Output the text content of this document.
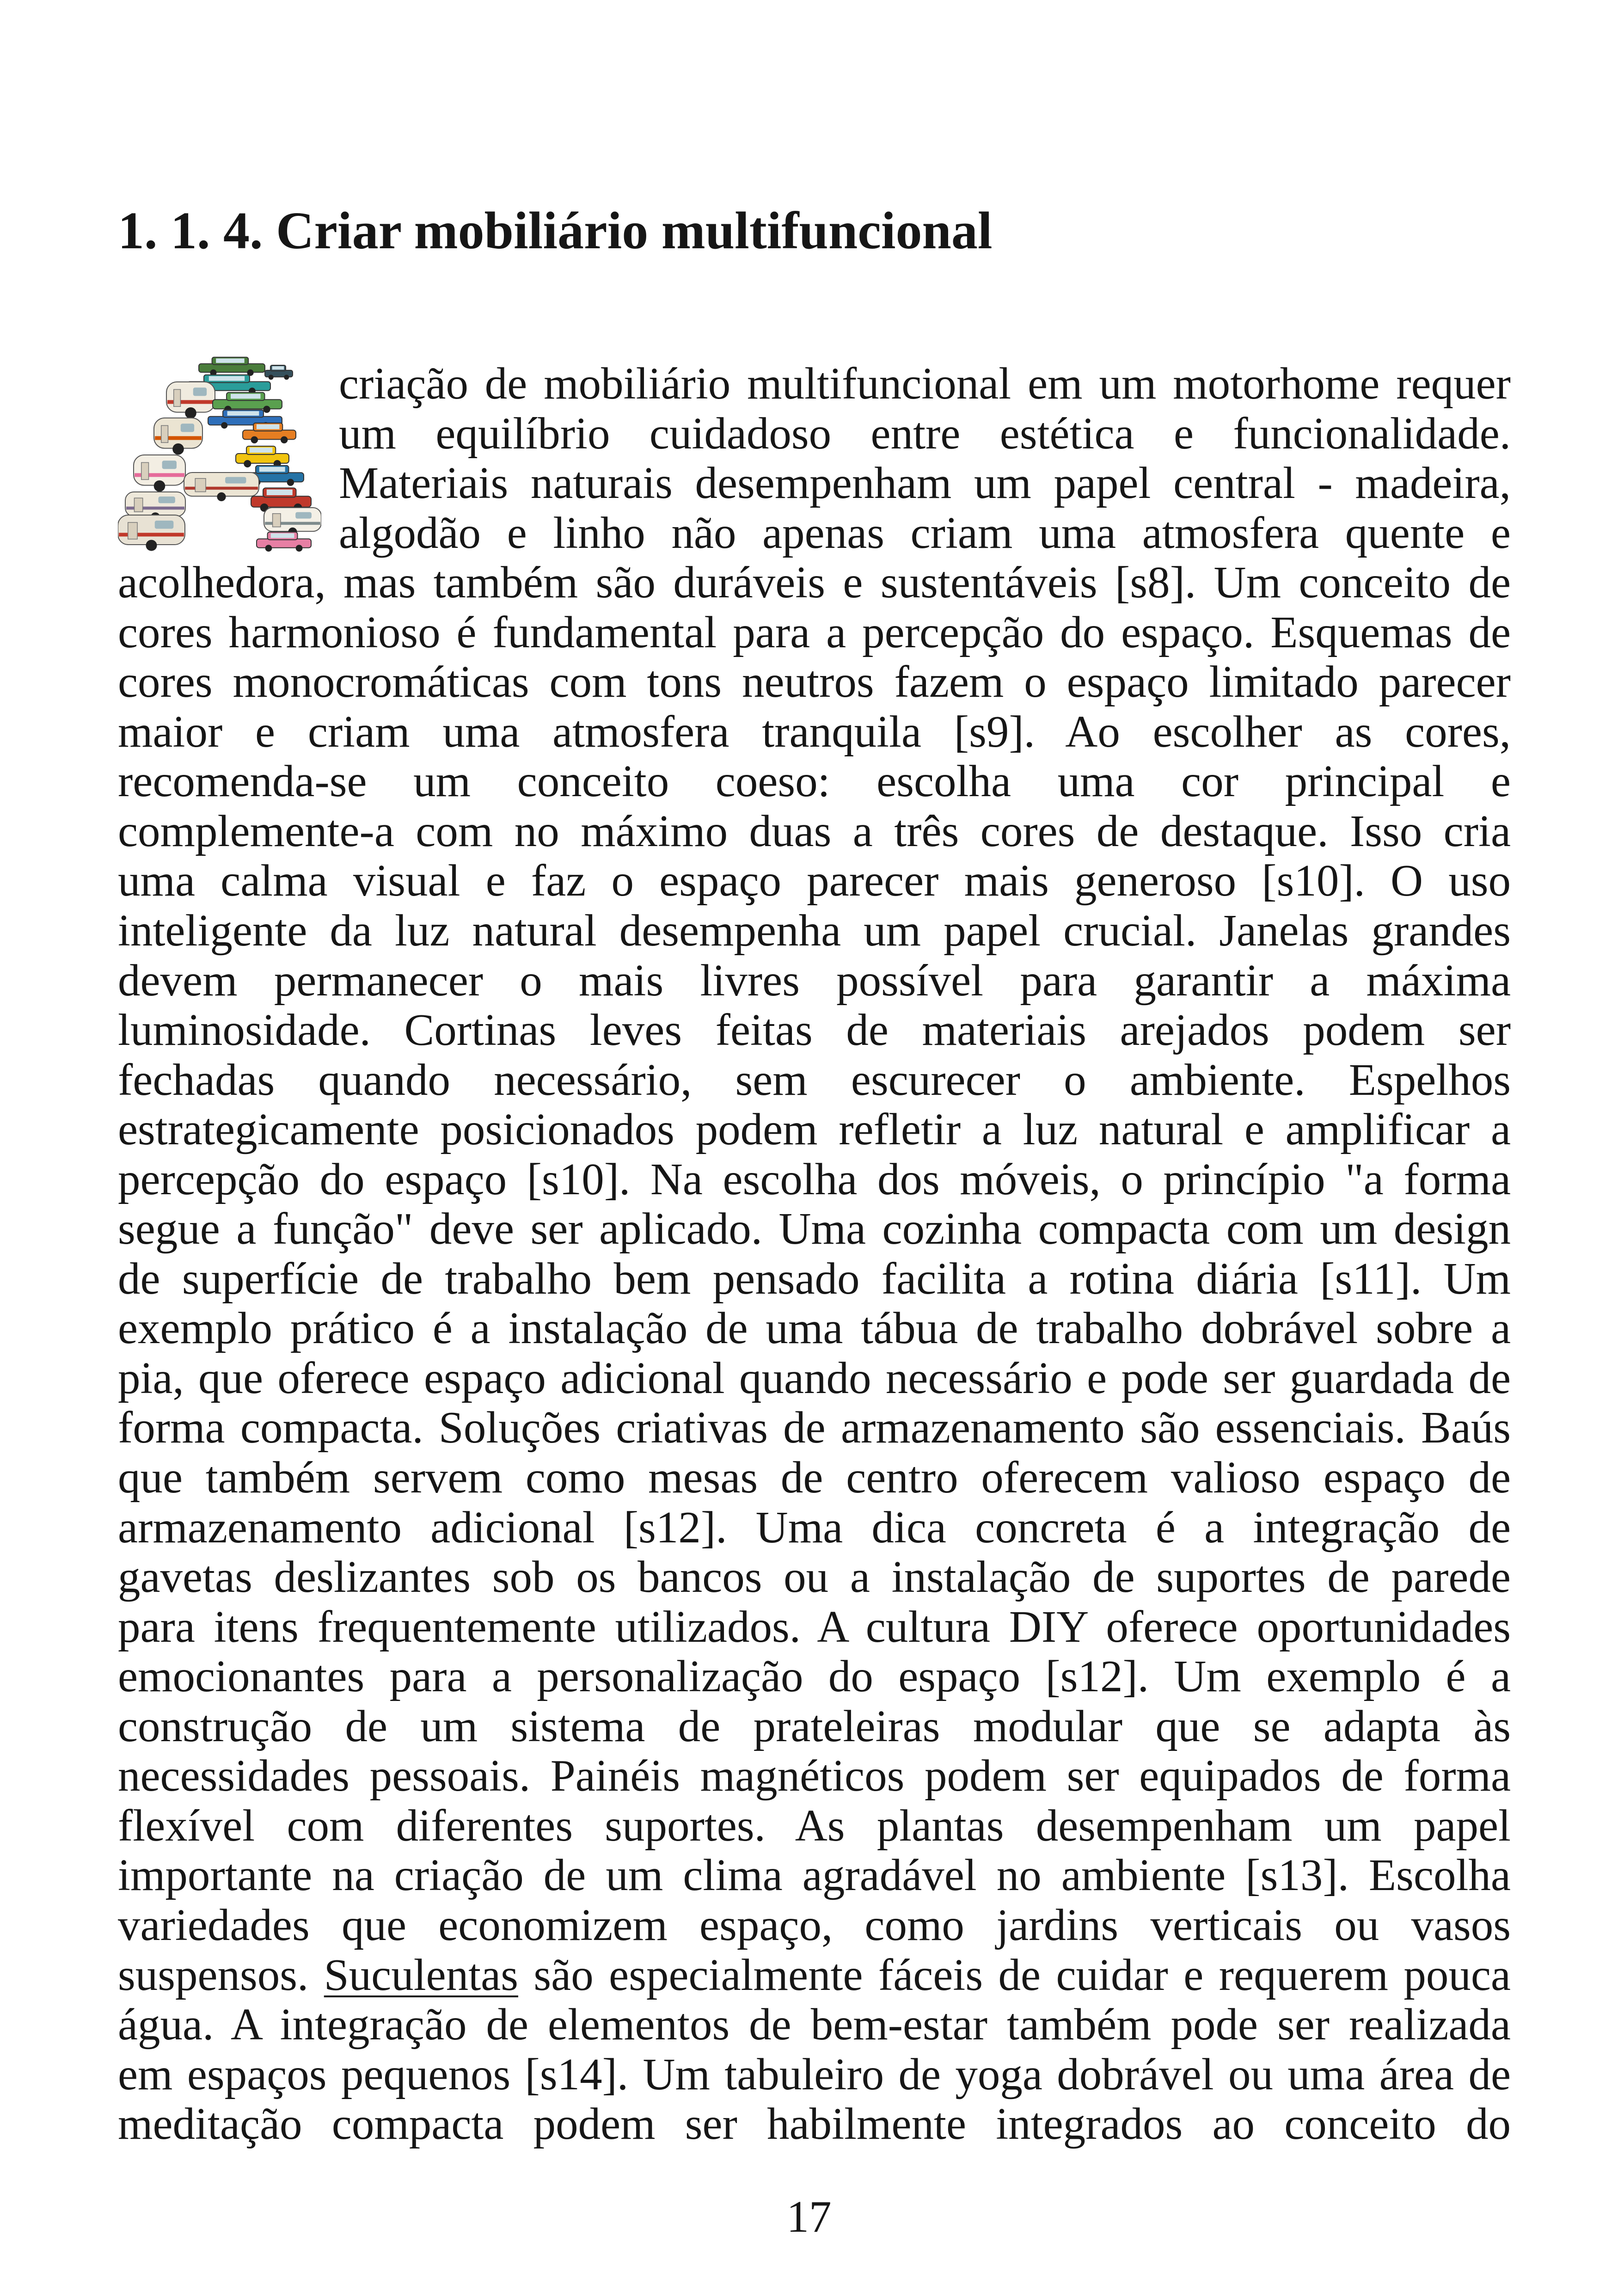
1. 1. 4. Criar mobiliário multifuncional
criação de mobiliário multifuncional em um motorhome requer
um equilíbrio cuidadoso entre estética e funcionalidade.
Materiais naturais desempenham um papel central - madeira,
algodão e linho não apenas criam uma atmosfera quente e
acolhedora, mas também são duráveis e sustentáveis [s8]. Um conceito de
cores harmonioso é fundamental para a percepção do espaço. Esquemas de
cores monocromáticas com tons neutros fazem o espaço limitado parecer
maior e criam uma atmosfera tranquila [s9]. Ao escolher as cores,
recomenda-se um conceito coeso: escolha uma cor principal e
complemente-a com no máximo duas a três cores de destaque. Isso cria
uma calma visual e faz o espaço parecer mais generoso [s10]. O uso
inteligente da luz natural desempenha um papel crucial. Janelas grandes
devem permanecer o mais livres possível para garantir a máxima
luminosidade. Cortinas leves feitas de materiais arejados podem ser
fechadas quando necessário, sem escurecer o ambiente. Espelhos
estrategicamente posicionados podem refletir a luz natural e amplificar a
percepção do espaço [s10]. Na escolha dos móveis, o princípio "a forma
segue a função" deve ser aplicado. Uma cozinha compacta com um design
de superfície de trabalho bem pensado facilita a rotina diária [s11]. Um
exemplo prático é a instalação de uma tábua de trabalho dobrável sobre a
pia, que oferece espaço adicional quando necessário e pode ser guardada de
forma compacta. Soluções criativas de armazenamento são essenciais. Baús
que também servem como mesas de centro oferecem valioso espaço de
armazenamento adicional [s12]. Uma dica concreta é a integração de
gavetas deslizantes sob os bancos ou a instalação de suportes de parede
para itens frequentemente utilizados. A cultura DIY oferece oportunidades
emocionantes para a personalização do espaço [s12]. Um exemplo é a
construção de um sistema de prateleiras modular que se adapta às
necessidades pessoais. Painéis magnéticos podem ser equipados de forma
flexível com diferentes suportes. As plantas desempenham um papel
importante na criação de um clima agradável no ambiente [s13]. Escolha
variedades que economizem espaço, como jardins verticais ou vasos
suspensos. Suculentas são especialmente fáceis de cuidar e requerem pouca
água. A integração de elementos de bem-estar também pode ser realizada
em espaços pequenos [s14]. Um tabuleiro de yoga dobrável ou uma área de
meditação compacta podem ser habilmente integrados ao conceito do
17
